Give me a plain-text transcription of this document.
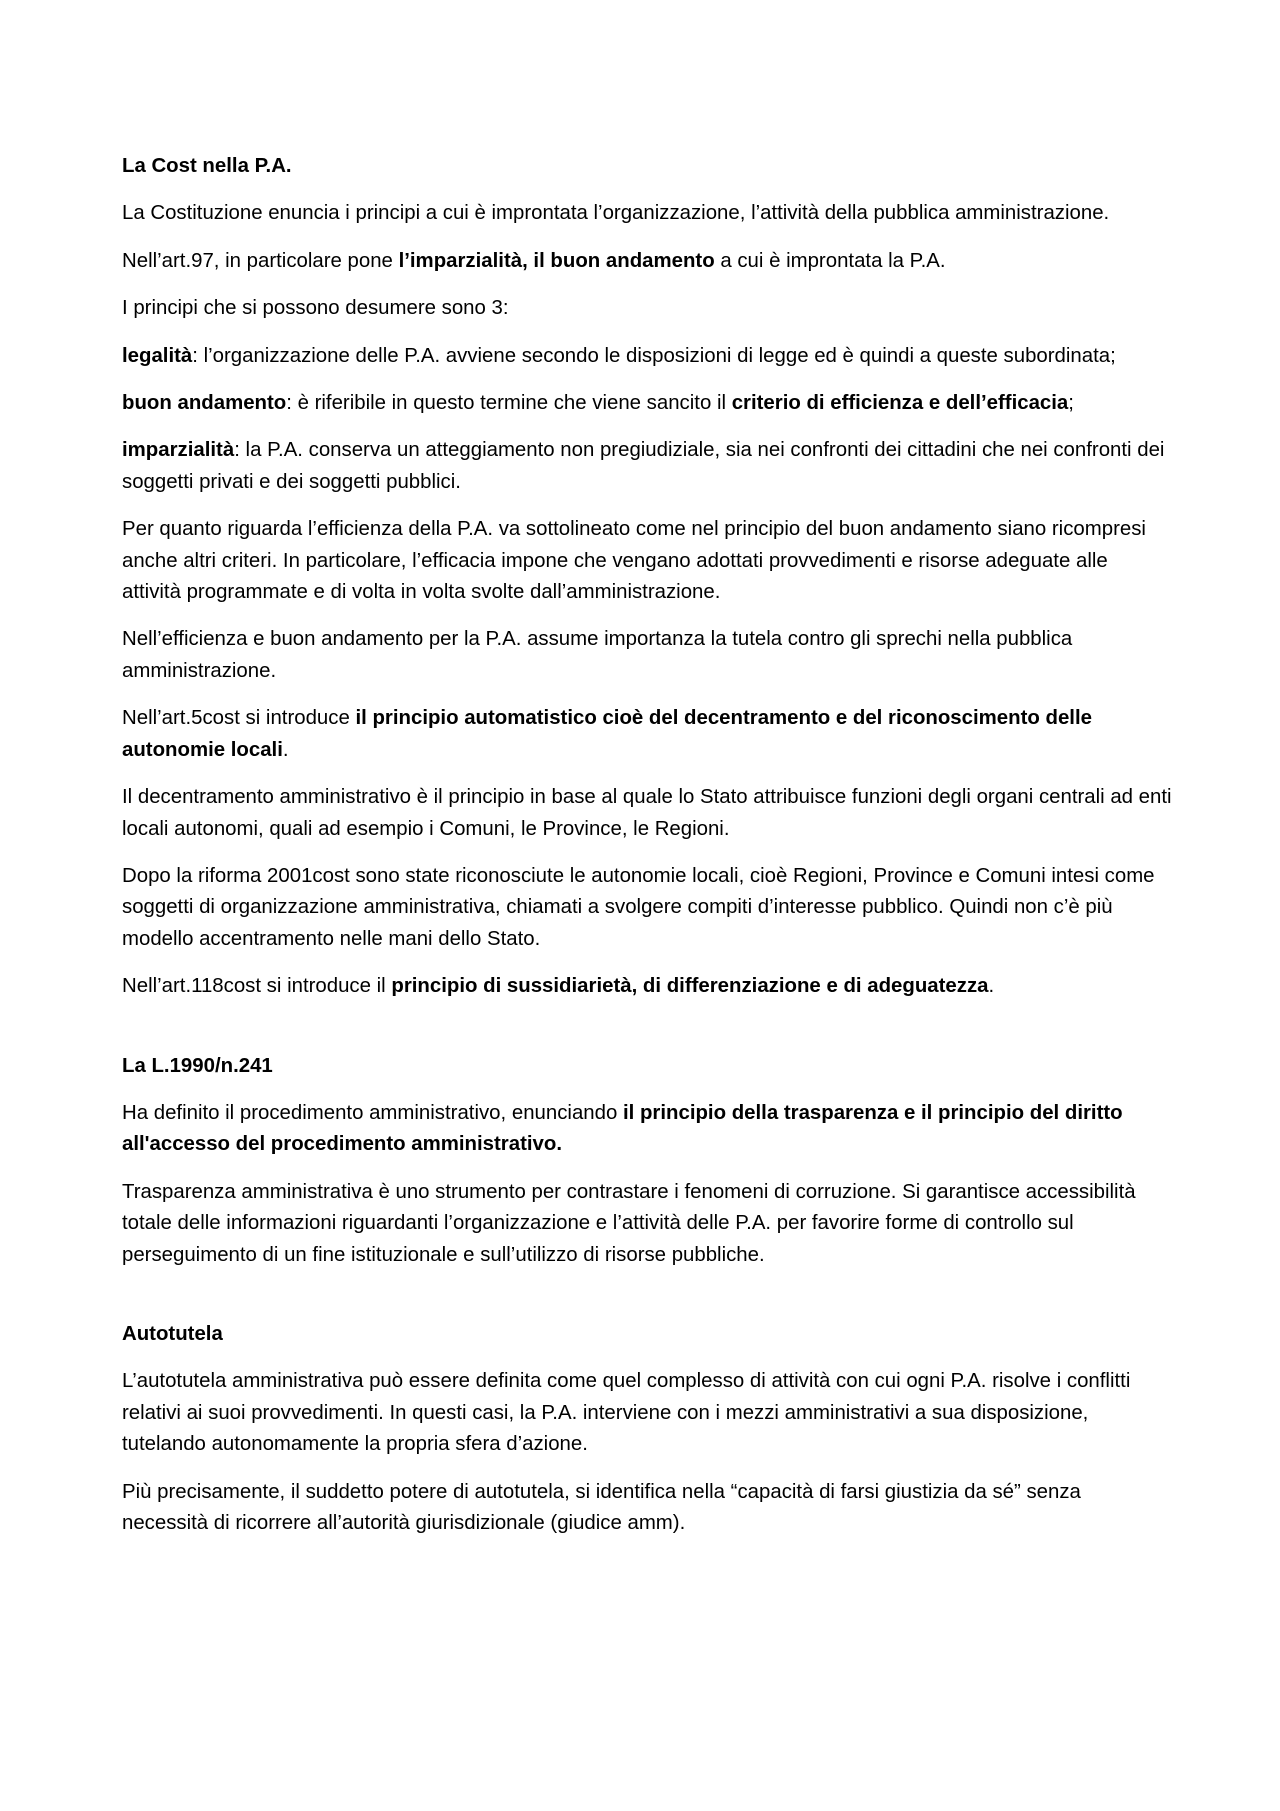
La Cost nella P.A.

La Costituzione enuncia i principi a cui è improntata l’organizzazione, l’attività della pubblica amministrazione.

Nell’art.97, in particolare pone l’imparzialità, il buon andamento a cui è improntata la P.A.

I principi che si possono desumere sono 3:

legalità: l’organizzazione delle P.A. avviene secondo le disposizioni di legge ed è quindi a queste subordinata;

buon andamento: è riferibile in questo termine che viene sancito il criterio di efficienza e dell’efficacia;

imparzialità: la P.A. conserva un atteggiamento non pregiudiziale, sia nei confronti dei cittadini che nei confronti dei soggetti privati e dei soggetti pubblici.

Per quanto riguarda l’efficienza della P.A. va sottolineato come nel principio del buon andamento siano ricompresi anche altri criteri. In particolare, l’efficacia impone che vengano adottati provvedimenti e risorse adeguate alle attività programmate e di volta in volta svolte dall’amministrazione.

Nell’efficienza e buon andamento per la P.A. assume importanza la tutela contro gli sprechi nella pubblica amministrazione.

Nell’art.5cost si introduce il principio automatistico cioè del decentramento e del riconoscimento delle autonomie locali.

Il decentramento amministrativo è il principio in base al quale lo Stato attribuisce funzioni degli organi centrali ad enti locali autonomi, quali ad esempio i Comuni, le Province, le Regioni.

Dopo la riforma 2001cost sono state riconosciute le autonomie locali, cioè Regioni, Province e Comuni intesi come soggetti di organizzazione amministrativa, chiamati a svolgere compiti d’interesse pubblico. Quindi non c’è più modello accentramento nelle mani dello Stato.

Nell’art.118cost si introduce il principio di sussidiarietà, di differenziazione e di adeguatezza.

La L.1990/n.241

Ha definito il procedimento amministrativo, enunciando il principio della trasparenza e il principio del diritto all'accesso del procedimento amministrativo.

Trasparenza amministrativa è uno strumento per contrastare i fenomeni di corruzione. Si garantisce accessibilità totale delle informazioni riguardanti l’organizzazione e l’attività delle P.A. per favorire forme di controllo sul perseguimento di un fine istituzionale e sull’utilizzo di risorse pubbliche.

Autotutela

L’autotutela amministrativa può essere definita come quel complesso di attività con cui ogni P.A. risolve i conflitti relativi ai suoi provvedimenti. In questi casi, la P.A. interviene con i mezzi amministrativi a sua disposizione, tutelando autonomamente la propria sfera d’azione.

Più precisamente, il suddetto potere di autotutela, si identifica nella “capacità di farsi giustizia da sé” senza necessità di ricorrere all’autorità giurisdizionale (giudice amm).
